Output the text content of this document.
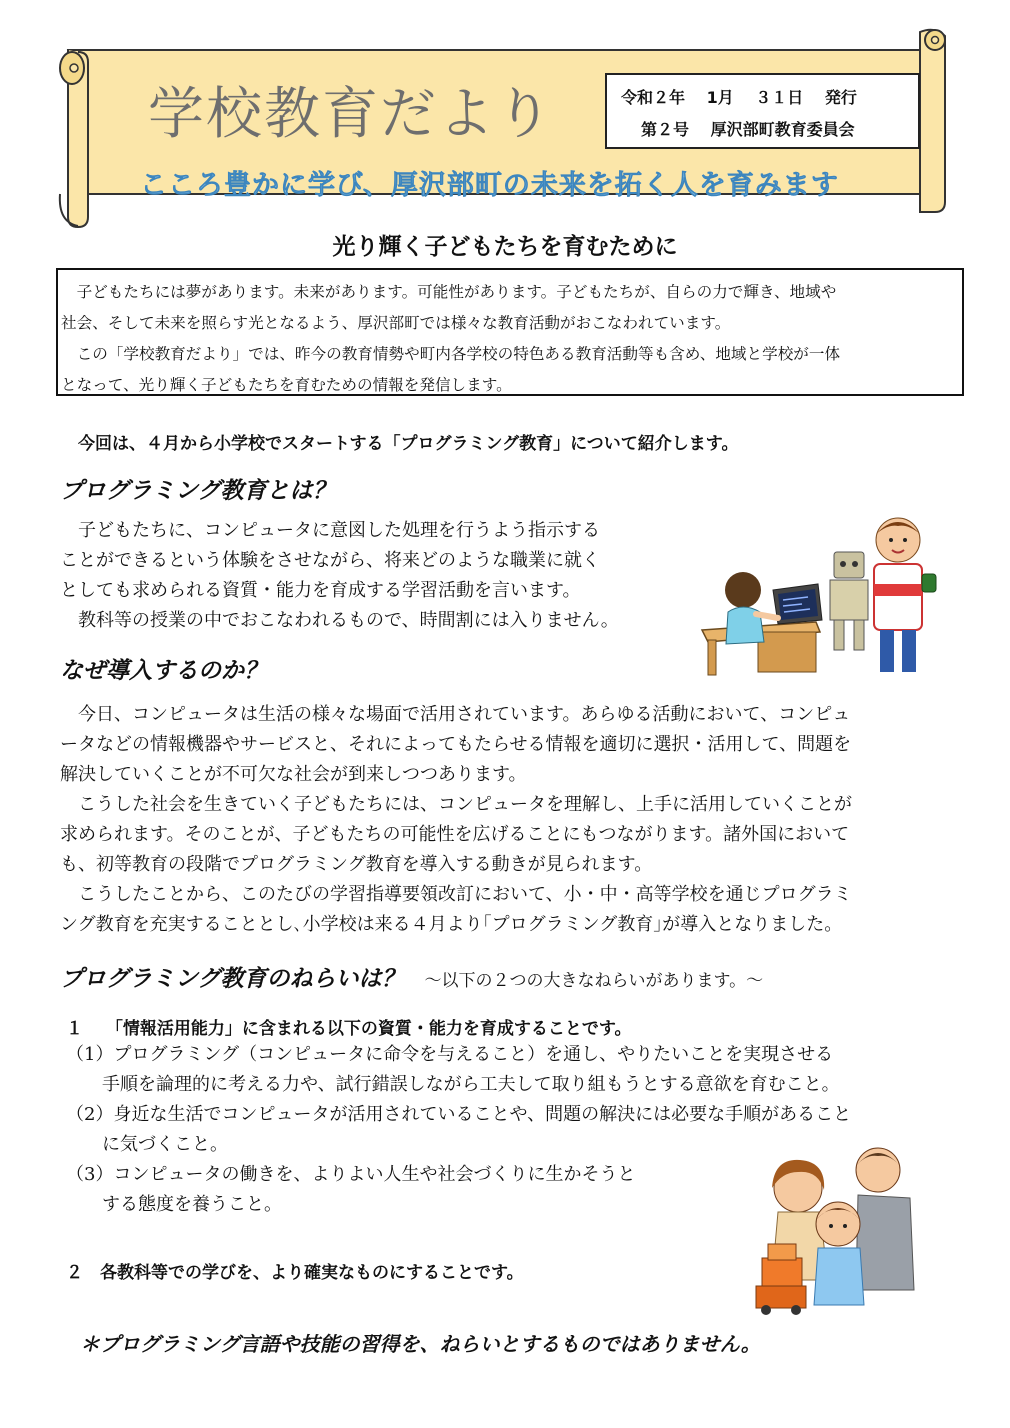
学校教育だより	令和２年　 1月 　３１日 　発行
第２号 　厚沢部町教育委員会
こころ豊かに学び、厚沢部町の未来を拓く人を育みます
光り輝く子どもたちを育むために
　子どもたちには夢があります。未来があります。可能性があります。子どもたちが、自らの力で輝き、地域や
社会、そして未来を照らす光となるよう、厚沢部町では様々な教育活動がおこなわれています。
　この「学校教育だより」では、昨今の教育情勢や町内各学校の特色ある教育活動等も含め、地域と学校が一体
となって、光り輝く子どもたちを育むための情報を発信します。
今回は、４月から小学校でスタートする「プログラミング教育」について紹介します。
プログラミング教育とは？
　子どもたちに、コンピュータに意図した処理を行うよう指示する
ことができるという体験をさせながら、将来どのような職業に就く
としても求められる資質・能力を育成する学習活動を言います。
　教科等の授業の中でおこなわれるもので、時間割には入りません。
なぜ導入するのか？
　今日、コンピュータは生活の様々な場面で活用されています。あらゆる活動において、コンピュ
ータなどの情報機器やサービスと、それによってもたらせる情報を適切に選択・活用して、問題を
解決していくことが不可欠な社会が到来しつつあります。
　こうした社会を生きていく子どもたちには、コンピュータを理解し、上手に活用していくことが
求められます。そのことが、子どもたちの可能性を広げることにもつながります。諸外国において
も、初等教育の段階でプログラミング教育を導入する動きが見られます。
　こうしたことから、このたびの学習指導要領改訂において、小・中・高等学校を通じプログラミ
ング教育を充実することとし､小学校は来る４月より｢プログラミング教育｣が導入となりました。
プログラミング教育のねらいは？ ～以下の２つの大きなねらいがあります。～
１　 「情報活用能力」に含まれる以下の資質・能力を育成することです。
（1）プログラミング（コンピュータに命令を与えること）を通し、やりたいことを実現させる
　　手順を論理的に考える力や、試行錯誤しながら工夫して取り組もうとする意欲を育むこと。
（2）身近な生活でコンピュータが活用されていることや、問題の解決には必要な手順があること
　　に気づくこと。
（3）コンピュータの働きを、よりよい人生や社会づくりに生かそうと
　　する態度を養うこと。
２　各教科等での学びを、より確実なものにすることです。
＊プログラミング言語や技能の習得を、ねらいとするものではありません。
